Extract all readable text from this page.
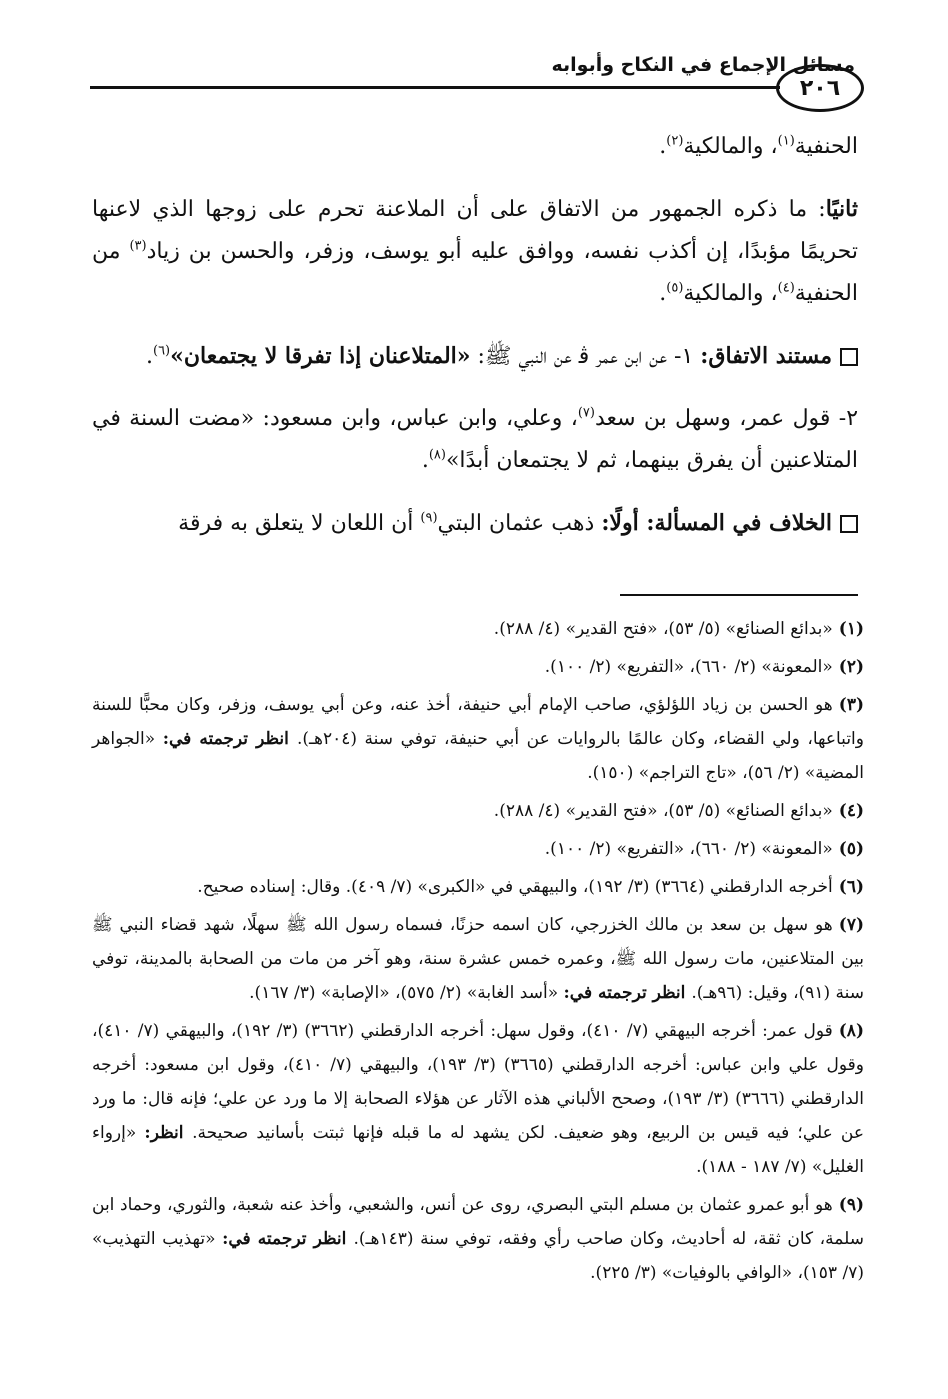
مسائل الإجماع في النكاح وأبوابه
٢٠٦

الحنفية$^{(١)}$، والمالكية$^{(٢)}$.

ثانيًا: ما ذكره الجمهور من الاتفاق على أن الملاعنة تحرم على زوجها الذي لاعنها تحريمًا مؤبدًا، إن أكذب نفسه، ووافق عليه أبو يوسف، وزفر، والحسن بن زياد$^{(٣)}$ من الحنفية$^{(٤)}$، والمالكية$^{(٥)}$.

مستند الاتفاق: ١- عن ابن عمر ﭬ عن النبي ﷺ: «المتلاعنان إذا تفرقا لا يجتمعان»$^{(٦)}$.

٢- قول عمر، وسهل بن سعد$^{(٧)}$، وعلي، وابن عباس، وابن مسعود: «مضت السنة في المتلاعنين أن يفرق بينهما، ثم لا يجتمعان أبدًا»$^{(٨)}$.

الخلاف في المسألة: أولًا: ذهب عثمان البتي$^{(٩)}$ أن اللعان لا يتعلق به فرقة

(١)«بدائع الصنائع» (٥/ ٥٣)، «فتح القدير» (٤/ ٢٨٨).

(٢)«المعونة» (٢/ ٦٦٠)، «التفريع» (٢/ ١٠٠).

(٣)هو الحسن بن زياد اللؤلؤي، صاحب الإمام أبي حنيفة، أخذ عنه، وعن أبي يوسف، وزفر، وكان محبًّا للسنة واتباعها، ولي القضاء، وكان عالمًا بالروايات عن أبي حنيفة، توفي سنة (٢٠٤هـ). انظر ترجمته في: «الجواهر المضية» (٢/ ٥٦)، «تاج التراجم» (١٥٠).

(٤)«بدائع الصنائع» (٥/ ٥٣)، «فتح القدير» (٤/ ٢٨٨).

(٥)«المعونة» (٢/ ٦٦٠)، «التفريع» (٢/ ١٠٠).

(٦)أخرجه الدارقطني (٣٦٦٤) (٣/ ١٩٢)، والبيهقي في «الكبرى» (٧/ ٤٠٩). وقال: إسناده صحيح.

(٧)هو سهل بن سعد بن مالك الخزرجي، كان اسمه حزنًا، فسماه رسول الله ﷺ سهلًا، شهد قضاء النبي ﷺ بين المتلاعنين، مات رسول الله ﷺ، وعمره خمس عشرة سنة، وهو آخر من مات من الصحابة بالمدينة، توفي سنة (٩١)، وقيل: (٩٦هـ). انظر ترجمته في: «أسد الغابة» (٢/ ٥٧٥)، «الإصابة» (٣/ ١٦٧).

(٨)قول عمر: أخرجه البيهقي (٧/ ٤١٠)، وقول سهل: أخرجه الدارقطني (٣٦٦٢) (٣/ ١٩٢)، والبيهقي (٧/ ٤١٠)، وقول علي وابن عباس: أخرجه الدارقطني (٣٦٦٥) (٣/ ١٩٣)، والبيهقي (٧/ ٤١٠)، وقول ابن مسعود: أخرجه الدارقطني (٣٦٦٦) (٣/ ١٩٣)، وصحح الألباني هذه الآثار عن هؤلاء الصحابة إلا ما ورد عن علي؛ فإنه قال: ما ورد عن علي؛ فيه قيس بن الربيع، وهو ضعيف. لكن يشهد له ما قبله فإنها ثبتت بأسانيد صحيحة. انظر: «إرواء الغليل» (٧/ ١٨٧ - ١٨٨).

(٩)هو أبو عمرو عثمان بن مسلم البتي البصري، روى عن أنس، والشعبي، وأخذ عنه شعبة، والثوري، وحماد ابن سلمة، كان ثقة، له أحاديث، وكان صاحب رأي وفقه، توفي سنة (١٤٣هـ). انظر ترجمته في: «تهذيب التهذيب» (٧/ ١٥٣)، «الوافي بالوفيات» (٣/ ٢٢٥).
